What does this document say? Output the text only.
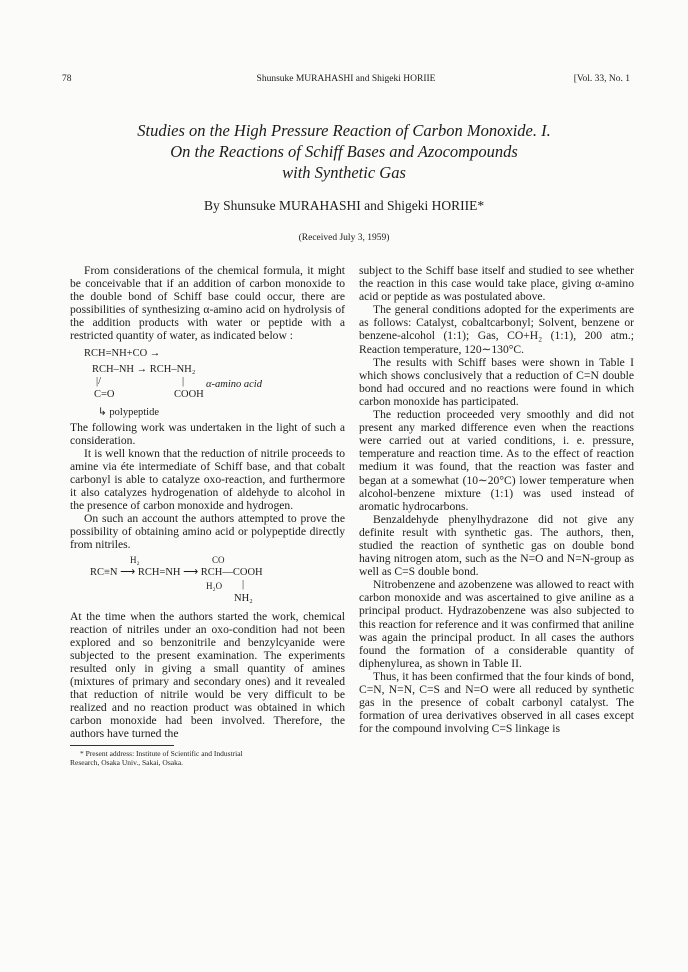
78	Shunsuke MURAHASHI and Shigeki HORIIE	[Vol. 33, No. 1
Studies on the High Pressure Reaction of Carbon Monoxide. I.
On the Reactions of Schiff Bases and Azocompounds
with Synthetic Gas
By Shunsuke MURAHASHI and Shigeki HORIIE*
(Received July 3, 1959)

From considerations of the chemical formula, it might be conceivable that if an addition of carbon monoxide to the double bond of Schiff base could occur, there are possibilities of synthesizing α-amino acid on hydrolysis of the addition products with water or peptide with a restricted quantity of water, as indicated below :

RCH=NH+CO →
RCH–NH → RCH–NH₂
|/	| α-amino acid
C=O	COOH
↳ polypeptide

The following work was undertaken in the light of such a consideration.

It is well known that the reduction of nitrile proceeds to amine via éte intermediate of Schiff base, and that cobalt carbonyl is able to catalyze oxo-reaction, and furthermore it also catalyzes hydrogenation of aldehyde to alcohol in the presence of carbon monoxide and hydrogen.

On such an account the authors attempted to prove the possibility of obtaining amino acid or polypeptide directly from nitriles.

H₂	CO
RC≡N ⟶ RCH=NH ⟶ RCH—COOH
H₂O |
NH₂

At the time when the authors started the work, chemical reaction of nitriles under an oxo-condition had not been explored and so benzonitrile and benzylcyanide were subjected to the present examination. The experiments resulted only in giving a small quantity of amines (mixtures of primary and secondary ones) and it revealed that reduction of nitrile would be very difficult to be realized and no reaction product was obtained in which carbon monoxide had been involved. Therefore, the authors have turned the

* Present address: Institute of Scientific and Industrial
Research, Osaka Univ., Sakai, Osaka.

subject to the Schiff base itself and studied to see whether the reaction in this case would take place, giving α-amino acid or peptide as was postulated above.

The general conditions adopted for the experiments are as follows: Catalyst, cobaltcarbonyl; Solvent, benzene or benzene-alcohol (1:1); Gas, CO+H₂ (1:1), 200 atm.; Reaction temperature, 120∼130°C.

The results with Schiff bases were shown in Table I which shows conclusively that a reduction of C=N double bond had occured and no reactions were found in which carbon monoxide has participated.

The reduction proceeded very smoothly and did not present any marked difference even when the reactions were carried out at varied conditions, i. e. pressure, temperature and reaction time. As to the effect of reaction medium it was found, that the reaction was faster and began at a somewhat (10∼20°C) lower temperature when alcohol-benzene mixture (1:1) was used instead of aromatic hydrocarbons.

Benzaldehyde phenylhydrazone did not give any definite result with synthetic gas. The authors, then, studied the reaction of synthetic gas on double bond having nitrogen atom, such as the N=O and N=N-group as well as C=S double bond.

Nitrobenzene and azobenzene was allowed to react with carbon monoxide and was ascertained to give aniline as a principal product. Hydrazobenzene was also subjected to this reaction for reference and it was confirmed that aniline was again the principal product. In all cases the authors found the formation of a considerable quantity of diphenylurea, as shown in Table II.

Thus, it has been confirmed that the four kinds of bond, C=N, N=N, C=S and N=O were all reduced by synthetic gas in the presence of cobalt carbonyl catalyst. The formation of urea derivatives observed in all cases except for the compound involving C=S linkage is
